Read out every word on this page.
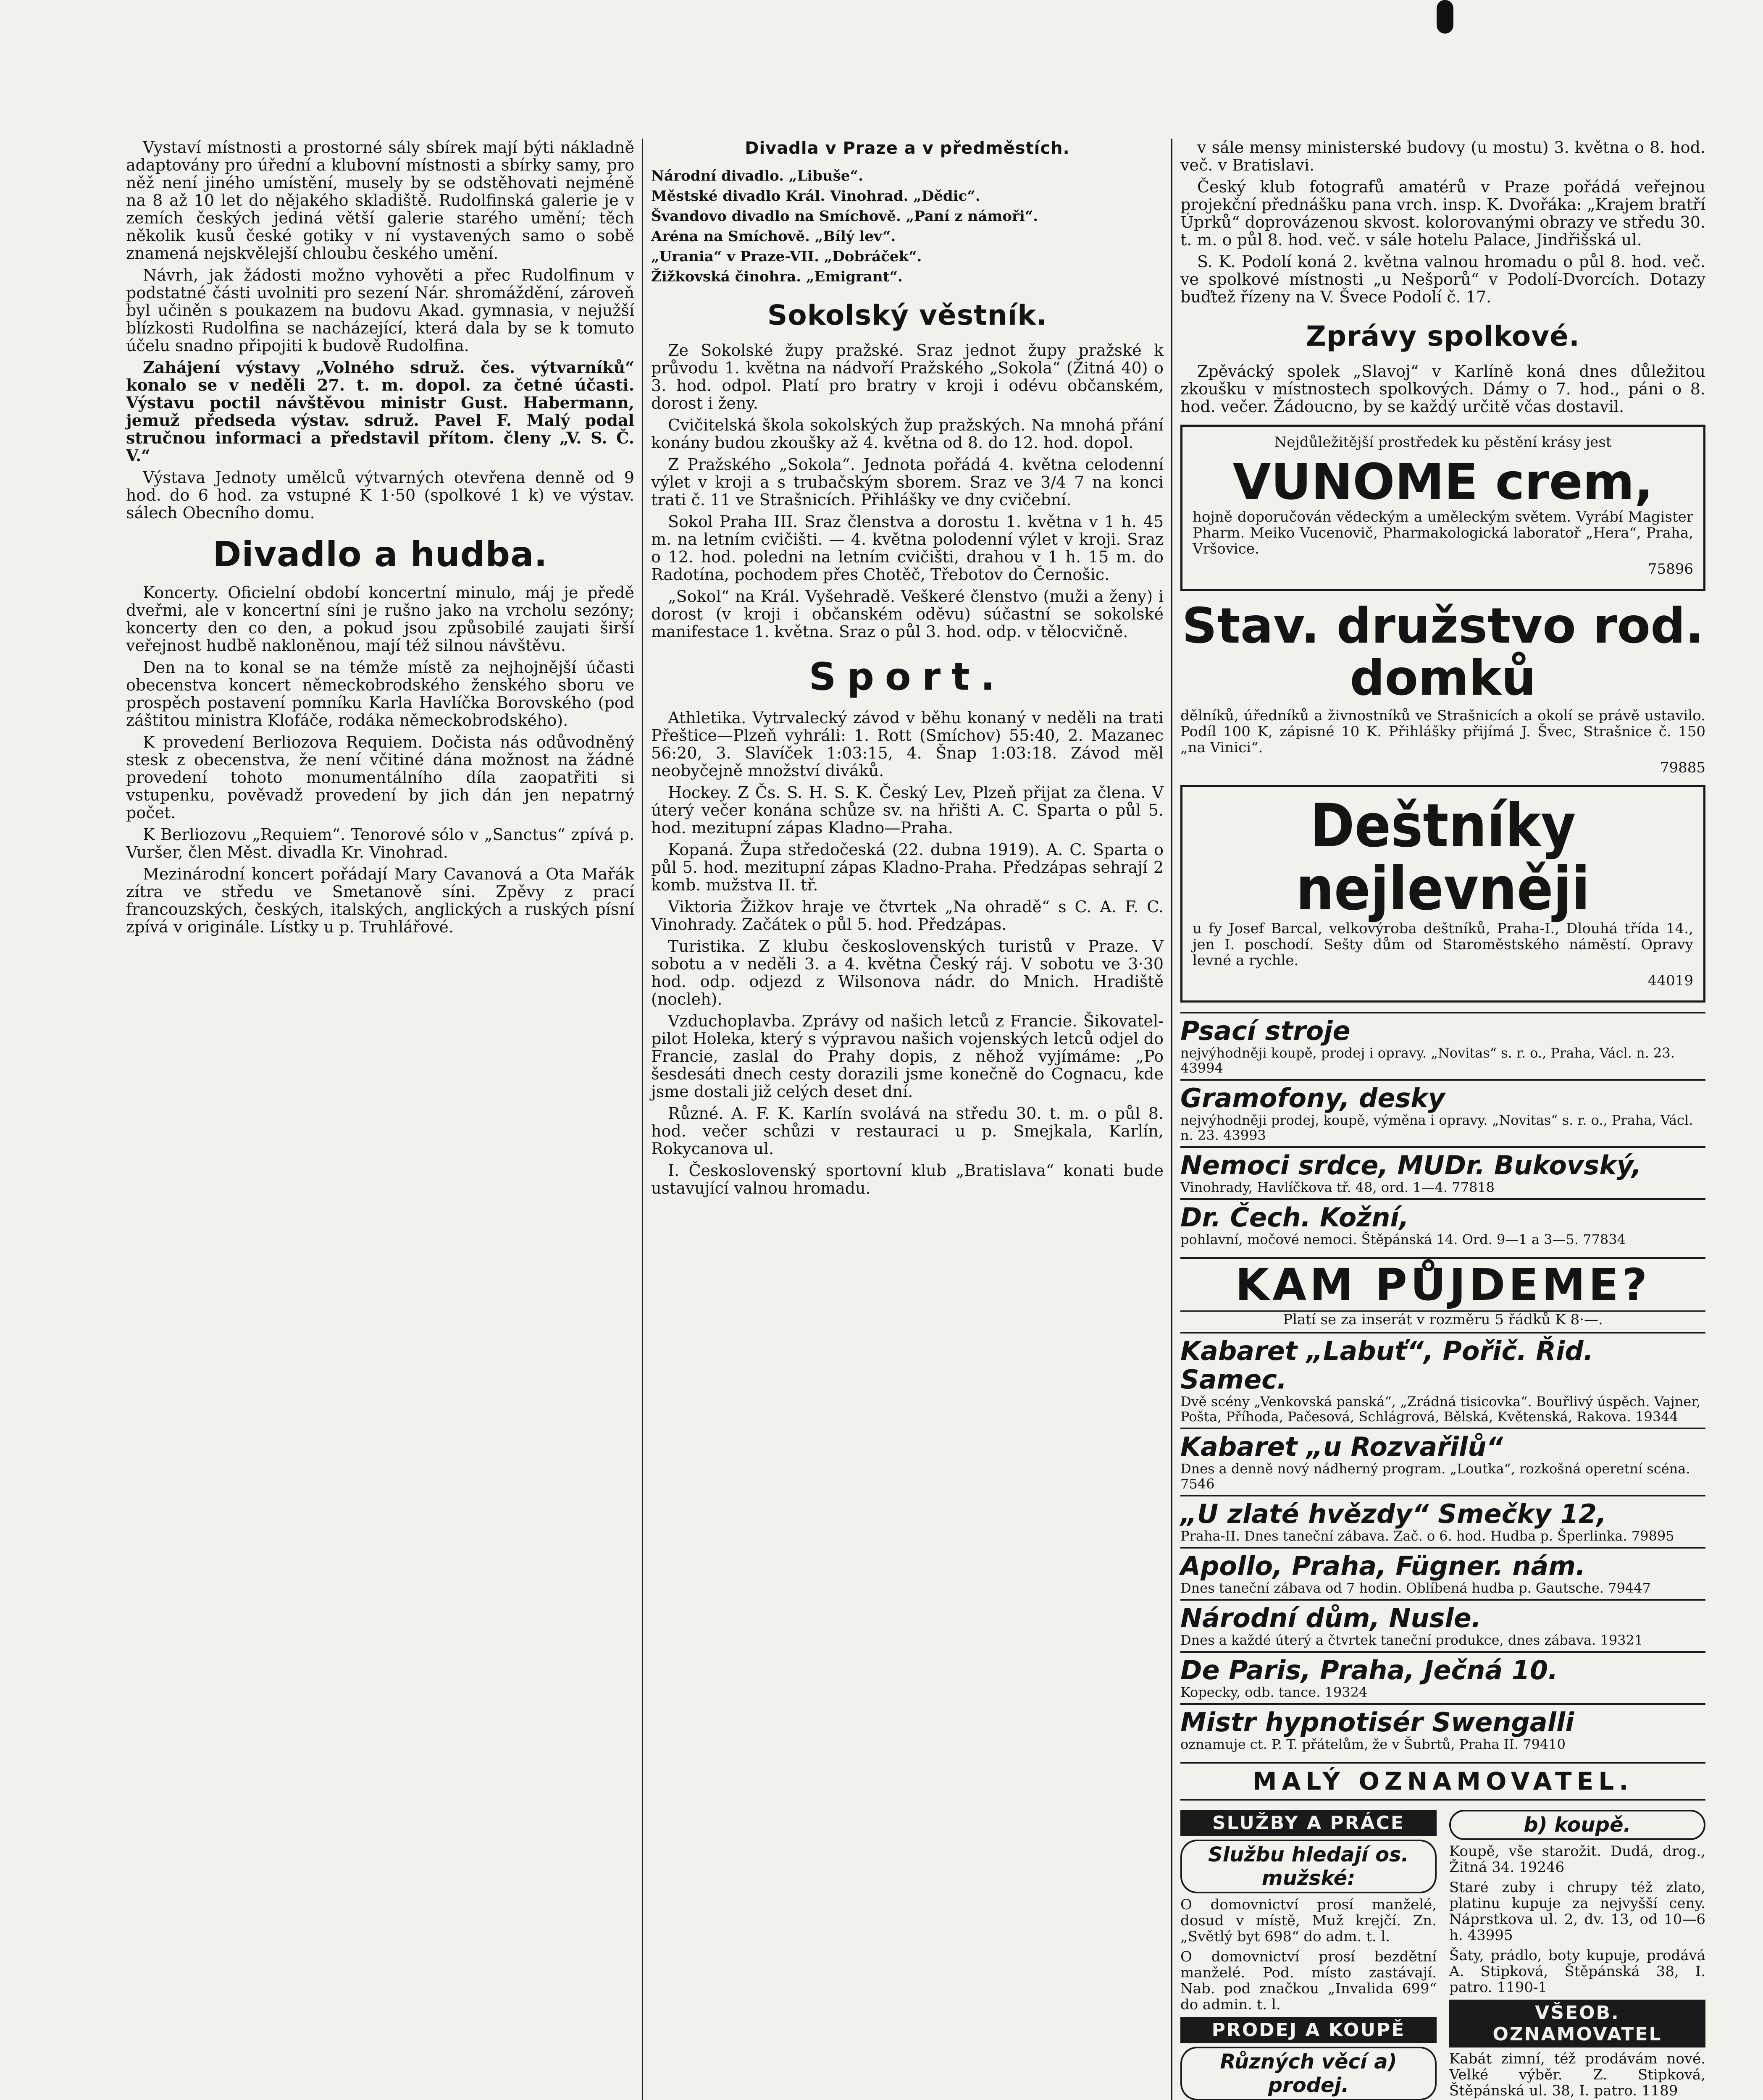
Vystaví místnosti a prostorné sály sbírek mají býti nákladně adaptovány pro úřední a klubovní místnosti a sbírky samy, pro něž není jiného umístění, musely by se odstěhovati nejméně na 8 až 10 let do nějakého skladiště. Rudolfinská galerie je v zemích českých jediná větší galerie starého umění; těch několik kusů české gotiky v ní vystavených samo o sobě znamená nejskvělejší chloubu českého umění.

Návrh, jak žádosti možno vyhověti a přec Rudolfinum v podstatné části uvolniti pro sezení Nár. shromáždění, zároveň byl učiněn s poukazem na budovu Akad. gymnasia, v nejužší blízkosti Rudolfina se nacházející, která dala by se k tomuto účelu snadno připojiti k budově Rudolfina.

Zahájení výstavy „Volného sdruž. čes. výtvarníků“ konalo se v neděli 27. t. m. dopol. za četné účasti. Výstavu poctil návštěvou ministr Gust. Habermann, jemuž předseda výstav. sdruž. Pavel F. Malý podal stručnou informaci a představil přítom. členy „V. S. Č. V.“

Výstava Jednoty umělců výtvarných otevřena denně od 9 hod. do 6 hod. za vstupné K 1·50 (spolkové 1 k) ve výstav. sálech Obecního domu.

Divadlo a hudba.

Koncerty. Oficielní období koncertní minulo, máj je předě dveřmi, ale v koncertní síni je rušno jako na vrcholu sezóny; koncerty den co den, a pokud jsou způsobilé zaujati širší veřejnost hudbě nakloněnou, mají též silnou návštěvu.

Den na to konal se na témže místě za nejhojnější účasti obecenstva koncert německobrodského ženského sboru ve prospěch postavení pomníku Karla Havlíčka Borovského (pod záštitou ministra Klofáče, rodáka německobrodského).

K provedení Berliozova Requiem. Dočista nás odůvodněný stesk z obecenstva, že není včitiné dána možnost na žádné provedení tohoto monumentálního díla zaopatřiti si vstupenku, pověvadž provedení by jich dán jen nepatrný počet.

K Berliozovu „Requiem“. Tenorové sólo v „Sanctus“ zpívá p. Vuršer, člen Měst. divadla Kr. Vinohrad.

Mezinárodní koncert pořádají Mary Cavanová a Ota Mařák zítra ve středu ve Smetanově síni. Zpěvy z prací francouzských, českých, italských, anglických a ruských písní zpívá v originále. Lístky u p. Truhlářové.

Divadla v Praze a v předměstích.

Národní divadlo. „Libuše“.

Městské divadlo Král. Vinohrad. „Dědic“.

Švandovo divadlo na Smíchově. „Paní z námoři“.

Aréna na Smíchově. „Bílý lev“.

„Urania“ v Praze-VII. „Dobráček“.

Žižkovská činohra. „Emigrant“.

Sokolský věstník.

Ze Sokolské župy pražské. Sraz jednot župy pražské k průvodu 1. května na nádvoří Pražského „Sokola“ (Žitná 40) o 3. hod. odpol. Platí pro bratry v kroji i odévu občanském, dorost i ženy.

Cvičitelská škola sokolských žup pražských. Na mnohá přání konány budou zkoušky až 4. května od 8. do 12. hod. dopol.

Z Pražského „Sokola“. Jednota pořádá 4. května celodenní výlet v kroji a s trubačským sborem. Sraz ve 3/4 7 na konci trati č. 11 ve Strašnicích. Přihlášky ve dny cvičební.

Sokol Praha III. Sraz členstva a dorostu 1. května v 1 h. 45 m. na letním cvičišti. — 4. května polodenní výlet v kroji. Sraz o 12. hod. poledni na letním cvičišti, drahou v 1 h. 15 m. do Radotína, pochodem přes Chotěč, Třebotov do Černošic.

„Sokol“ na Král. Vyšehradě. Veškeré členstvo (muži a ženy) i dorost (v kroji i občanském oděvu) súčastní se sokolské manifestace 1. května. Sraz o půl 3. hod. odp. v tělocvičně.

Sport.

Athletika. Vytrvalecký závod v běhu konaný v neděli na trati Přeštice—Plzeň vyhráli: 1. Rott (Smíchov) 55:40, 2. Mazanec 56:20, 3. Slavíček 1:03:15, 4. Šnap 1:03:18. Závod měl neobyčejně množství diváků.

Hockey. Z Čs. S. H. S. K. Český Lev, Plzeň přijat za člena. V úterý večer konána schůze sv. na hřišti A. C. Sparta o půl 5. hod. mezitupní zápas Kladno—Praha.

Kopaná. Župa středočeská (22. dubna 1919). A. C. Sparta o půl 5. hod. mezitupní zápas Kladno-Praha. Předzápas sehrají 2 komb. mužstva II. tř.

Viktoria Žižkov hraje ve čtvrtek „Na ohradě“ s C. A. F. C. Vinohrady. Začátek o půl 5. hod. Předzápas.

Turistika. Z klubu československých turistů v Praze. V sobotu a v neděli 3. a 4. května Český ráj. V sobotu ve 3·30 hod. odp. odjezd z Wilsonova nádr. do Mnich. Hradiště (nocleh).

Vzduchoplavba. Zprávy od našich letců z Francie. Šikovatel-pilot Holeka, který s výpravou našich vojenských letců odjel do Francie, zaslal do Prahy dopis, z něhož vyjímáme: „Po šesdesáti dnech cesty dorazili jsme konečně do Cognacu, kde jsme dostali již celých deset dní.

Různé. A. F. K. Karlín svolává na středu 30. t. m. o půl 8. hod. večer schůzi v restauraci u p. Smejkala, Karlín, Rokycanova ul.

I. Československý sportovní klub „Bratislava“ konati bude ustavující valnou hromadu.

v sále mensy ministerské budovy (u mostu) 3. května o 8. hod. več. v Bratislavi.

Český klub fotografů amatérů v Praze pořádá veřejnou projekční přednášku pana vrch. insp. K. Dvořáka: „Krajem bratří Úprků“ doprovázenou skvost. kolorovanými obrazy ve středu 30. t. m. o půl 8. hod. več. v sále hotelu Palace, Jindřišská ul.

S. K. Podolí koná 2. května valnou hromadu o půl 8. hod. več. ve spolkové místnosti „u Nešporů“ v Podolí-Dvorcích. Dotazy buďtež řízeny na V. Švece Podolí č. 17.

Zprávy spolkové.

Zpěvácký spolek „Slavoj“ v Karlíně koná dnes důležitou zkoušku v místnostech spolkových. Dámy o 7. hod., páni o 8. hod. večer. Žádoucno, by se každý určitě včas dostavil.

Nejdůležitější prostředek ku pěstění krásy jest

VUNOME crem,

hojně doporučován vědeckým a uměleckým světem. Vyrábí Magister Pharm. Meiko Vucenovič, Pharmakologická laboratoř „Hera“, Praha, Vršovice.

75896

Stav. družstvo rod. domků

dělníků, úředníků a živnostníků ve Strašnicích a okolí se právě ustavilo. Podíl 100 K, zápisné 10 K. Přihlášky přijímá J. Švec, Strašnice č. 150 „na Vinici“.

79885

Deštníky nejlevněji

u fy Josef Barcal, velkovýroba deštníků, Praha-I., Dlouhá třída 14., jen I. poschodí. Sešty dům od Staroměstského náměstí. Opravy levné a rychle.

44019

Psací stroje
nejvýhodněji koupě, prodej i opravy. „Novitas“ s. r. o., Praha, Václ. n. 23. 43994
Gramofony, desky
nejvýhodněji prodej, koupě, výměna i opravy. „Novitas“ s. r. o., Praha, Václ. n. 23. 43993
Nemoci srdce, MUDr. Bukovský,
Vinohrady, Havlíčkova tř. 48, ord. 1—4. 77818
Dr. Čech. Kožní,
pohlavní, močové nemoci. Štěpánská 14. Ord. 9—1 a 3—5. 77834
KAM PŮJDEME?

Platí se za inserát v rozměru 5 řádků K 8·—.

Kabaret „Labuť“, Pořič. Řid. Samec.
Dvě scény „Venkovská panská“, „Zrádná tisicovka“. Bouřlivý úspěch. Vajner, Pošta, Příhoda, Pačesová, Schlágrová, Bělská, Květenská, Rakova. 19344
Kabaret „u Rozvařilů“
Dnes a denně nový nádherný program. „Loutka“, rozkošná operetní scéna. 7546
„U zlaté hvězdy“ Smečky 12,
Praha-II. Dnes taneční zábava. Zač. o 6. hod. Hudba p. Šperlinka. 79895
Apollo, Praha, Fügner. nám.
Dnes taneční zábava od 7 hodin. Oblíbená hudba p. Gautsche. 79447
Národní dům, Nusle.
Dnes a každé úterý a čtvrtek taneční produkce, dnes zábava. 19321
De Paris, Praha, Ječná 10.
Kopecky, odb. tance. 19324
Mistr hypnotisér Swengalli
oznamuje ct. P. T. přátelům, že v Šubrtů, Praha II. 79410
MALÝ OZNAMOVATEL.
SLUŽBY A PRÁCE
Službu hledají os. mužské:

O domovnictví prosí manželé, dosud v místě, Muž krejčí. Zn. „Světlý byt 698“ do adm. t. l.

O domovnictví prosí bezdětní manželé. Pod. místo zastávají. Nab. pod značkou „Invalida 699“ do admin. t. l.

PRODEJ A KOUPĚ
Různých věcí a) prodej.

b) koupě.

Koupě, vše starožit. Dudá, drog., Žitná 34. 19246

Staré zuby i chrupy též zlato, platinu kupuje za nejvyšší ceny. Náprstkova ul. 2, dv. 13, od 10—6 h. 43995

Šaty, prádlo, boty kupuje, prodává A. Stipková, Štěpánská 38, I. patro. 1190-1

VŠEOB. OZNAMOVATEL

Kabát zimní, též prodávám nové. Velké výběr. Z. Stipková, Štěpánská ul. 38, I. patro. 1189
